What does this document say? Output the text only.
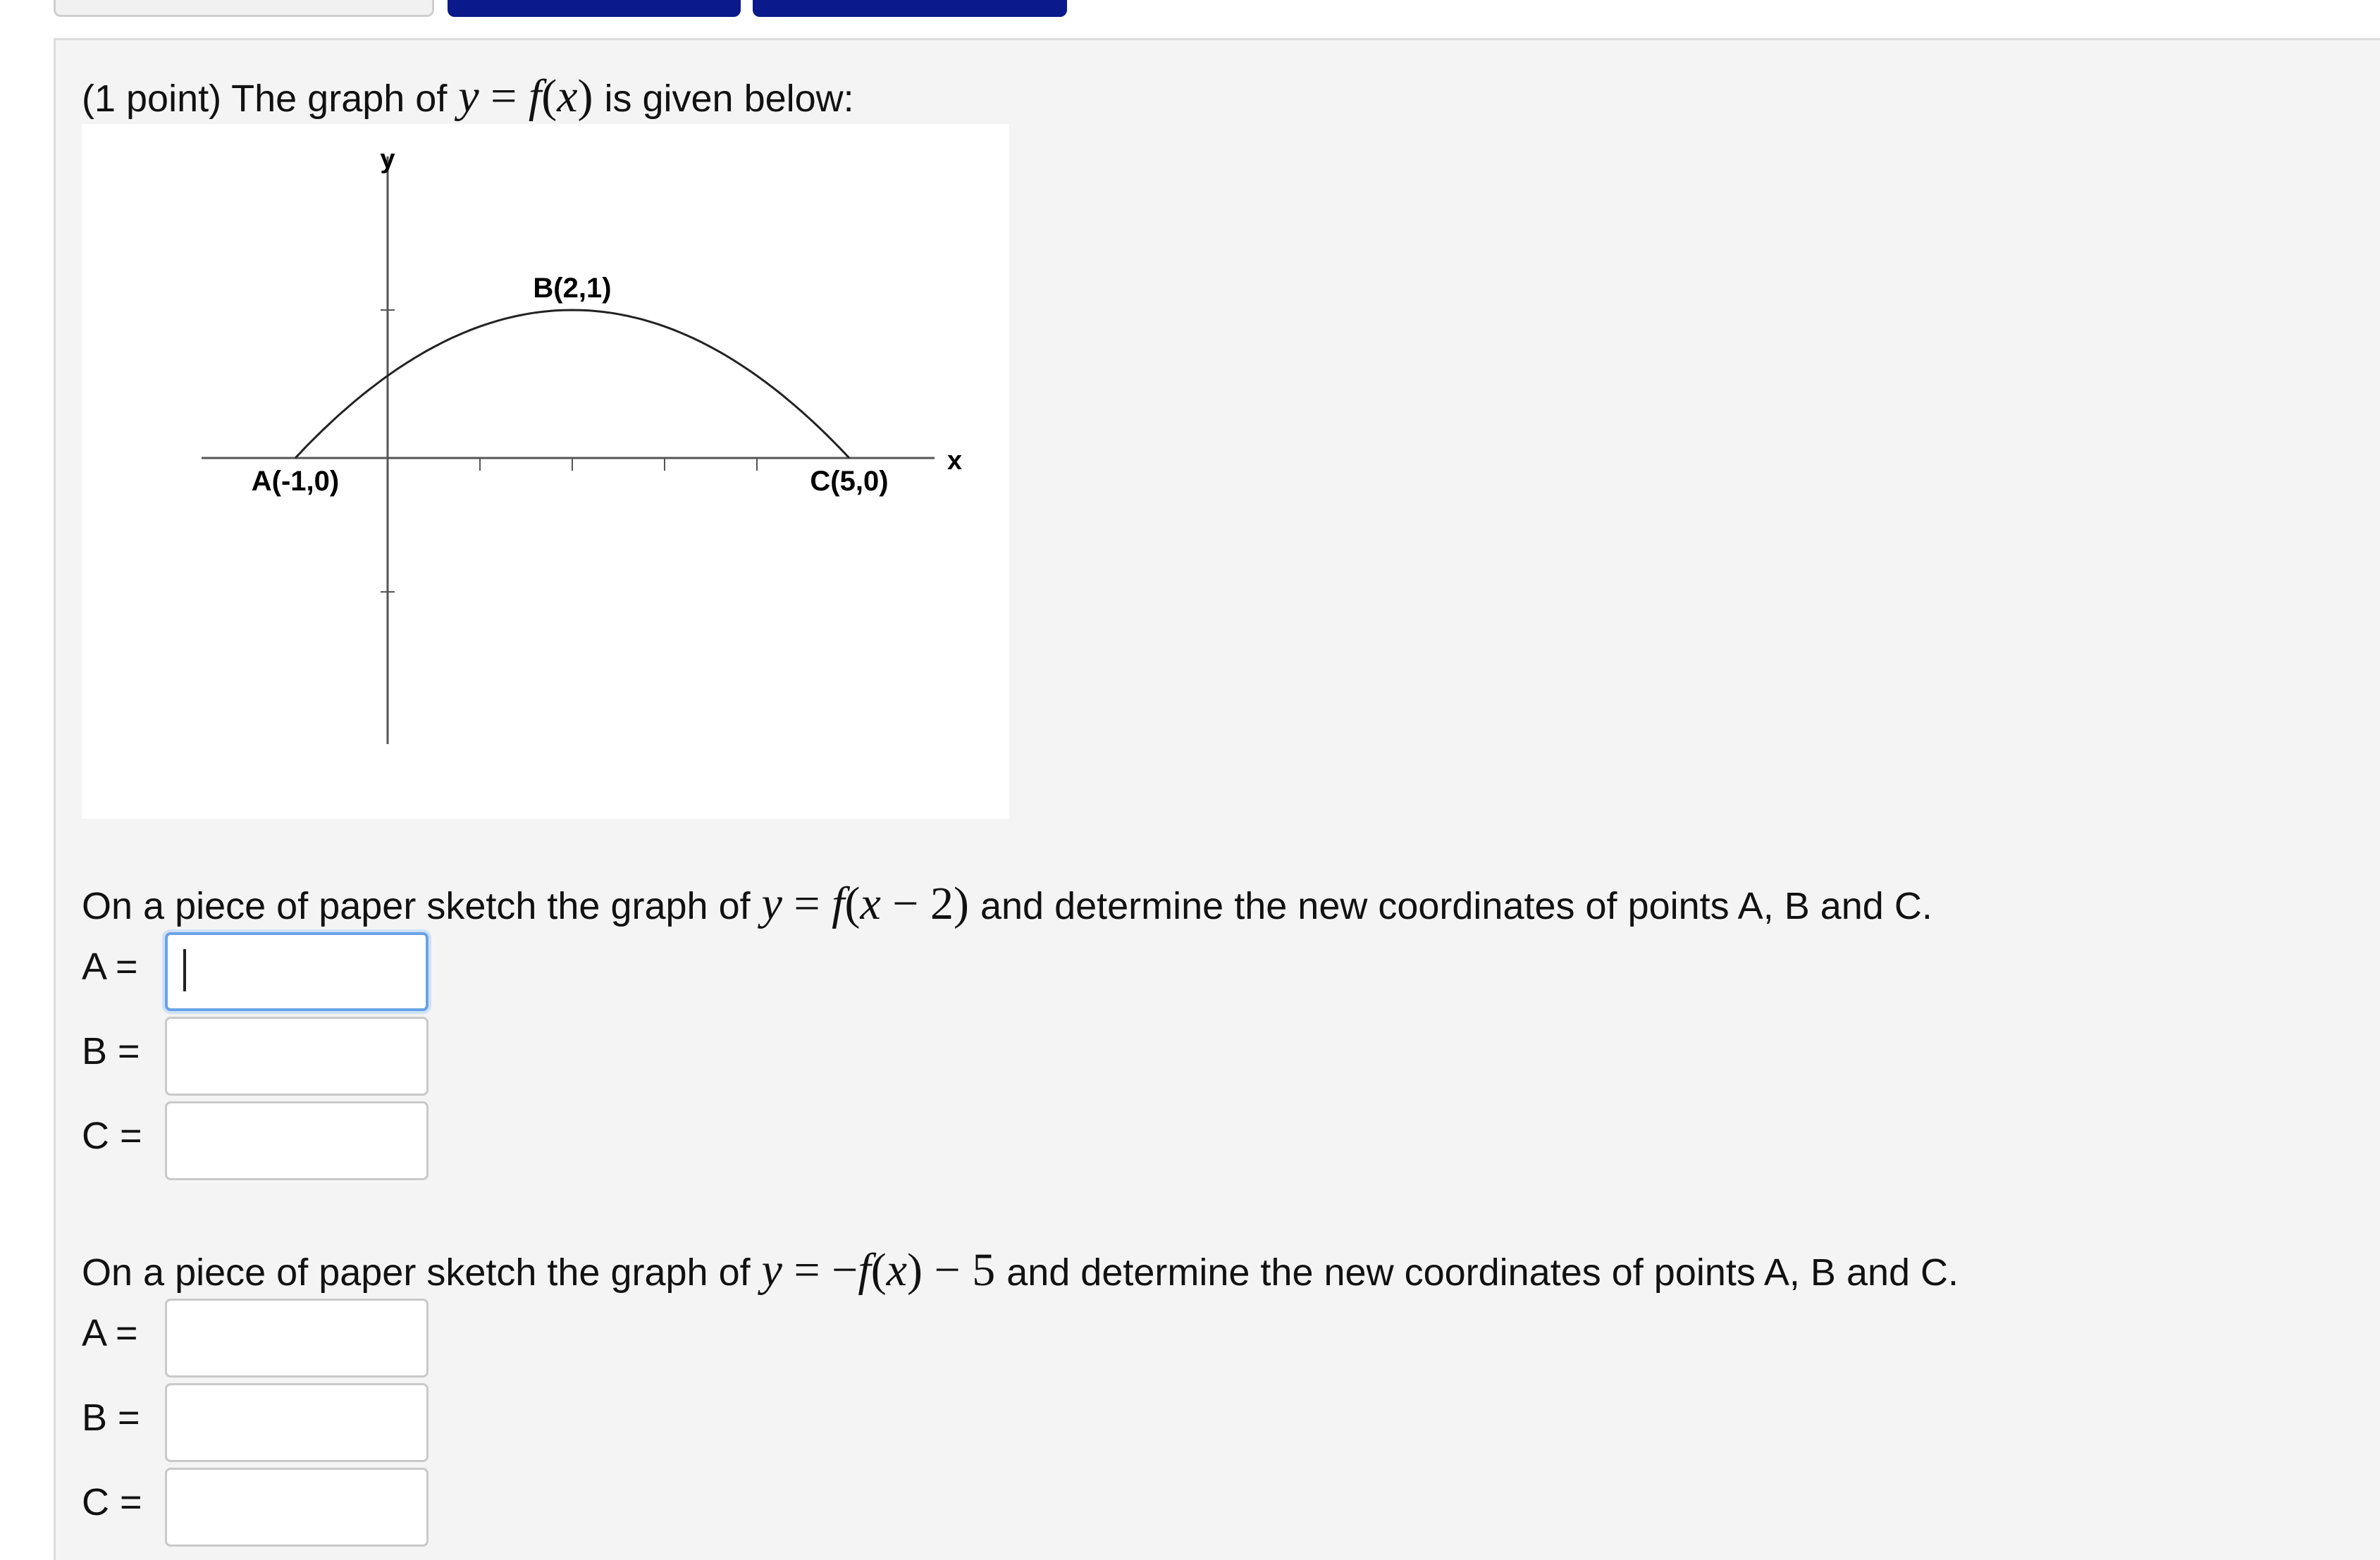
(1 point) The graph of y = f(x) is given below:
y
x
A(-1,0)
B(2,1)
C(5,0)
On a piece of paper sketch the graph of y = f(x − 2) and determine the new coordinates of points A, B and C.
A =
B =
C =
On a piece of paper sketch the graph of y = −f(x) − 5 and determine the new coordinates of points A, B and C.
A =
B =
C =
